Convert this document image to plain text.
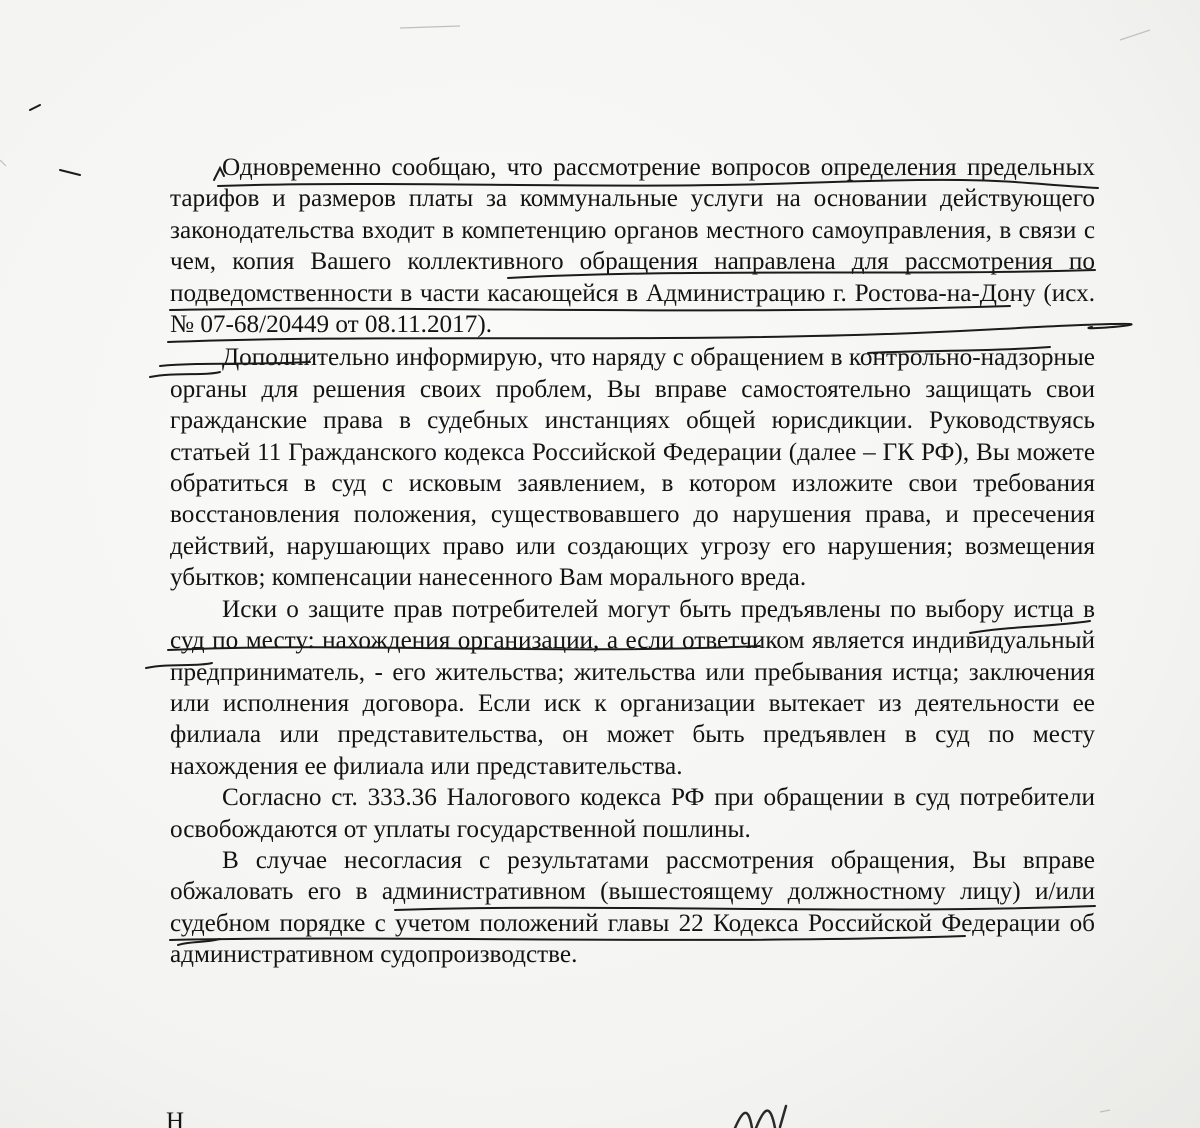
Одновременно сообщаю, что рассмотрение вопросов определения предельных тарифов и размеров платы за коммунальные услуги на основании действующего законодательства входит в компетенцию органов местного самоуправления, в связи с чем, копия Вашего коллективного обращения направлена для рассмотрения по подведомственности в части касающейся в Администрацию г. Ростова-на-Дону (исх. № 07-68/20449 от 08.11.2017).

Дополнительно информирую, что наряду с обращением в контрольно-надзорные органы для решения своих проблем, Вы вправе самостоятельно защищать свои гражданские права в судебных инстанциях общей юрисдикции. Руководствуясь статьей 11 Гражданского кодекса Российской Федерации (далее – ГК РФ), Вы можете обратиться в суд с исковым заявлением, в котором изложите свои требования восстановления положения, существовавшего до нарушения права, и пресечения действий, нарушающих право или создающих угрозу его нарушения; возмещения убытков; компенсации нанесенного Вам морального вреда.

Иски о защите прав потребителей могут быть предъявлены по выбору истца в суд по месту: нахождения организации, а если ответчиком является индивидуальный предприниматель, - его жительства; жительства или пребывания истца; заключения или исполнения договора. Если иск к организации вытекает из деятельности ее филиала или представительства, он может быть предъявлен в суд по месту нахождения ее филиала или представительства.

Согласно ст. 333.36 Налогового кодекса РФ при обращении в суд потребители освобождаются от уплаты государственной пошлины.

В случае несогласия с результатами рассмотрения обращения, Вы вправе обжаловать его в административном (вышестоящему должностному лицу) и/или судебном порядке с учетом положений главы 22 Кодекса Российской Федерации об административном судопроизводстве.

Н
